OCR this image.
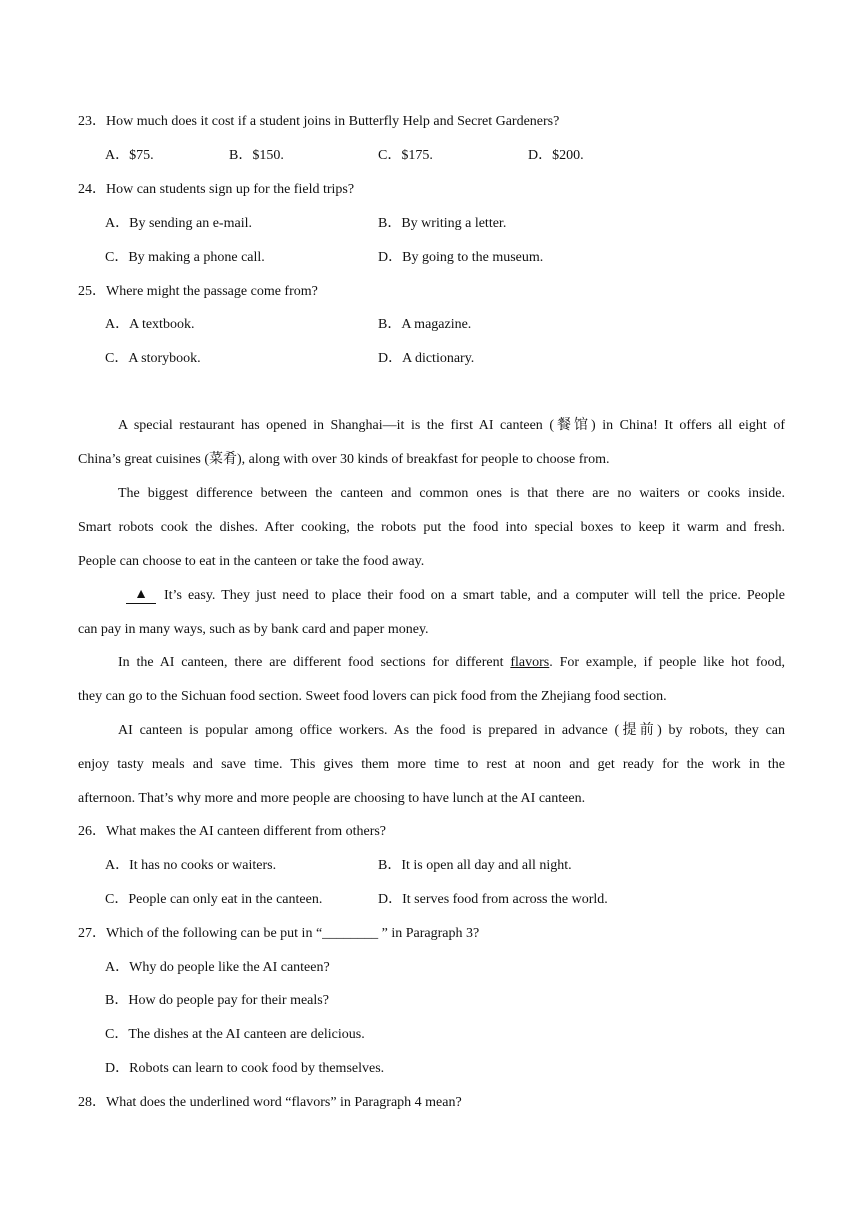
23．How much does it cost if a student joins in Butterfly Help and Secret Gardeners?
A．$75.	B．$150.	C．$175.	D．$200.
24．How can students sign up for the field trips?
A．By sending an e-mail.	B．By writing a letter.
C．By making a phone call.	D．By going to the museum.
25．Where might the passage come from?
A．A textbook.	B．A magazine.
C．A storybook.	D．A dictionary.
A special restaurant has opened in Shanghai—it is the first AI canteen (餐馆) in China! It offers all eight of
China’s great cuisines (菜肴), along with over 30 kinds of breakfast for people to choose from.
The biggest difference between the canteen and common ones is that there are no waiters or cooks inside.
Smart robots cook the dishes. After cooking, the robots put the food into special boxes to keep it warm and fresh.
People can choose to eat in the canteen or take the food away.
▲	It’s easy. They just need to place their food on a smart table, and a computer will tell the price. People
can pay in many ways, such as by bank card and paper money.
In the AI canteen, there are different food sections for different flavors. For example, if people like hot food,
they can go to the Sichuan food section. Sweet food lovers can pick food from the Zhejiang food section.
AI canteen is popular among office workers. As the food is prepared in advance (提前) by robots, they can
enjoy tasty meals and save time. This gives them more time to rest at noon and get ready for the work in the
afternoon. That’s why more and more people are choosing to have lunch at the AI canteen.
26．What makes the AI canteen different from others?
A．It has no cooks or waiters.	B．It is open all day and all night.
C．People can only eat in the canteen.	D．It serves food from across the world.
27．Which of the following can be put in “________ ” in Paragraph 3?
A．Why do people like the AI canteen?
B．How do people pay for their meals?
C．The dishes at the AI canteen are delicious.
D．Robots can learn to cook food by themselves.
28．What does the underlined word “flavors” in Paragraph 4 mean?
